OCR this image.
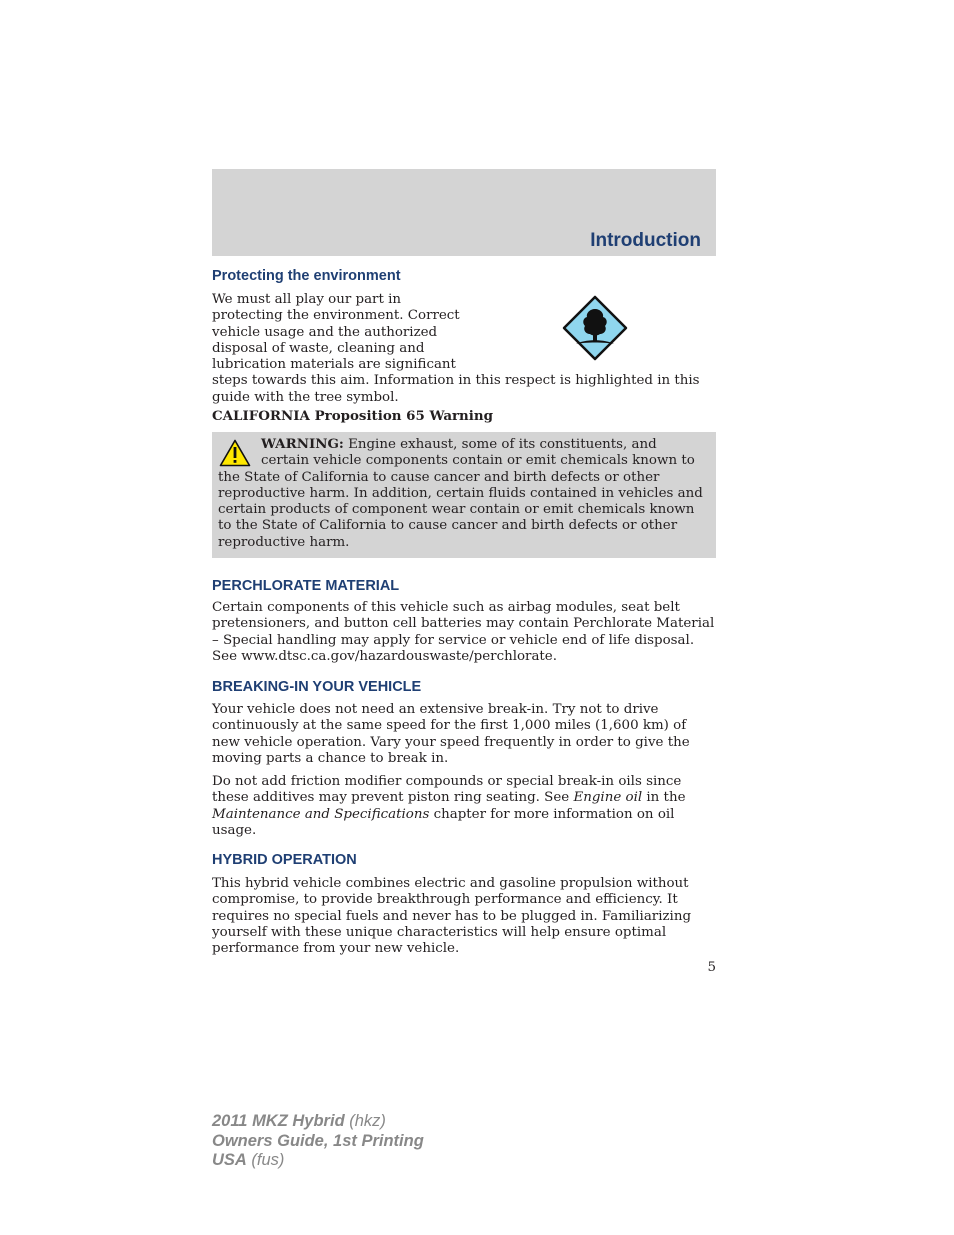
Introduction
Protecting the environment
We must all play our part in
protecting the environment. Correct
vehicle usage and the authorized
disposal of waste, cleaning and
lubrication materials are significant
steps towards this aim. Information in this respect is highlighted in this
guide with the tree symbol.
CALIFORNIA Proposition 65 Warning
WARNING: Engine exhaust, some of its constituents, and
certain vehicle components contain or emit chemicals known to
the State of California to cause cancer and birth defects or other
reproductive harm. In addition, certain fluids contained in vehicles and
certain products of component wear contain or emit chemicals known
to the State of California to cause cancer and birth defects or other
reproductive harm.
PERCHLORATE MATERIAL
Certain components of this vehicle such as airbag modules, seat belt
pretensioners, and button cell batteries may contain Perchlorate Material
– Special handling may apply for service or vehicle end of life disposal.
See www.dtsc.ca.gov/hazardouswaste/perchlorate.
BREAKING-IN YOUR VEHICLE
Your vehicle does not need an extensive break-in. Try not to drive
continuously at the same speed for the first 1,000 miles (1,600 km) of
new vehicle operation. Vary your speed frequently in order to give the
moving parts a chance to break in.
Do not add friction modifier compounds or special break-in oils since
these additives may prevent piston ring seating. See Engine oil in the
Maintenance and Specifications chapter for more information on oil
usage.
HYBRID OPERATION
This hybrid vehicle combines electric and gasoline propulsion without
compromise, to provide breakthrough performance and efficiency. It
requires no special fuels and never has to be plugged in. Familiarizing
yourself with these unique characteristics will help ensure optimal
performance from your new vehicle.
5
2011 MKZ Hybrid (hkz)
Owners Guide, 1st Printing
USA (fus)
